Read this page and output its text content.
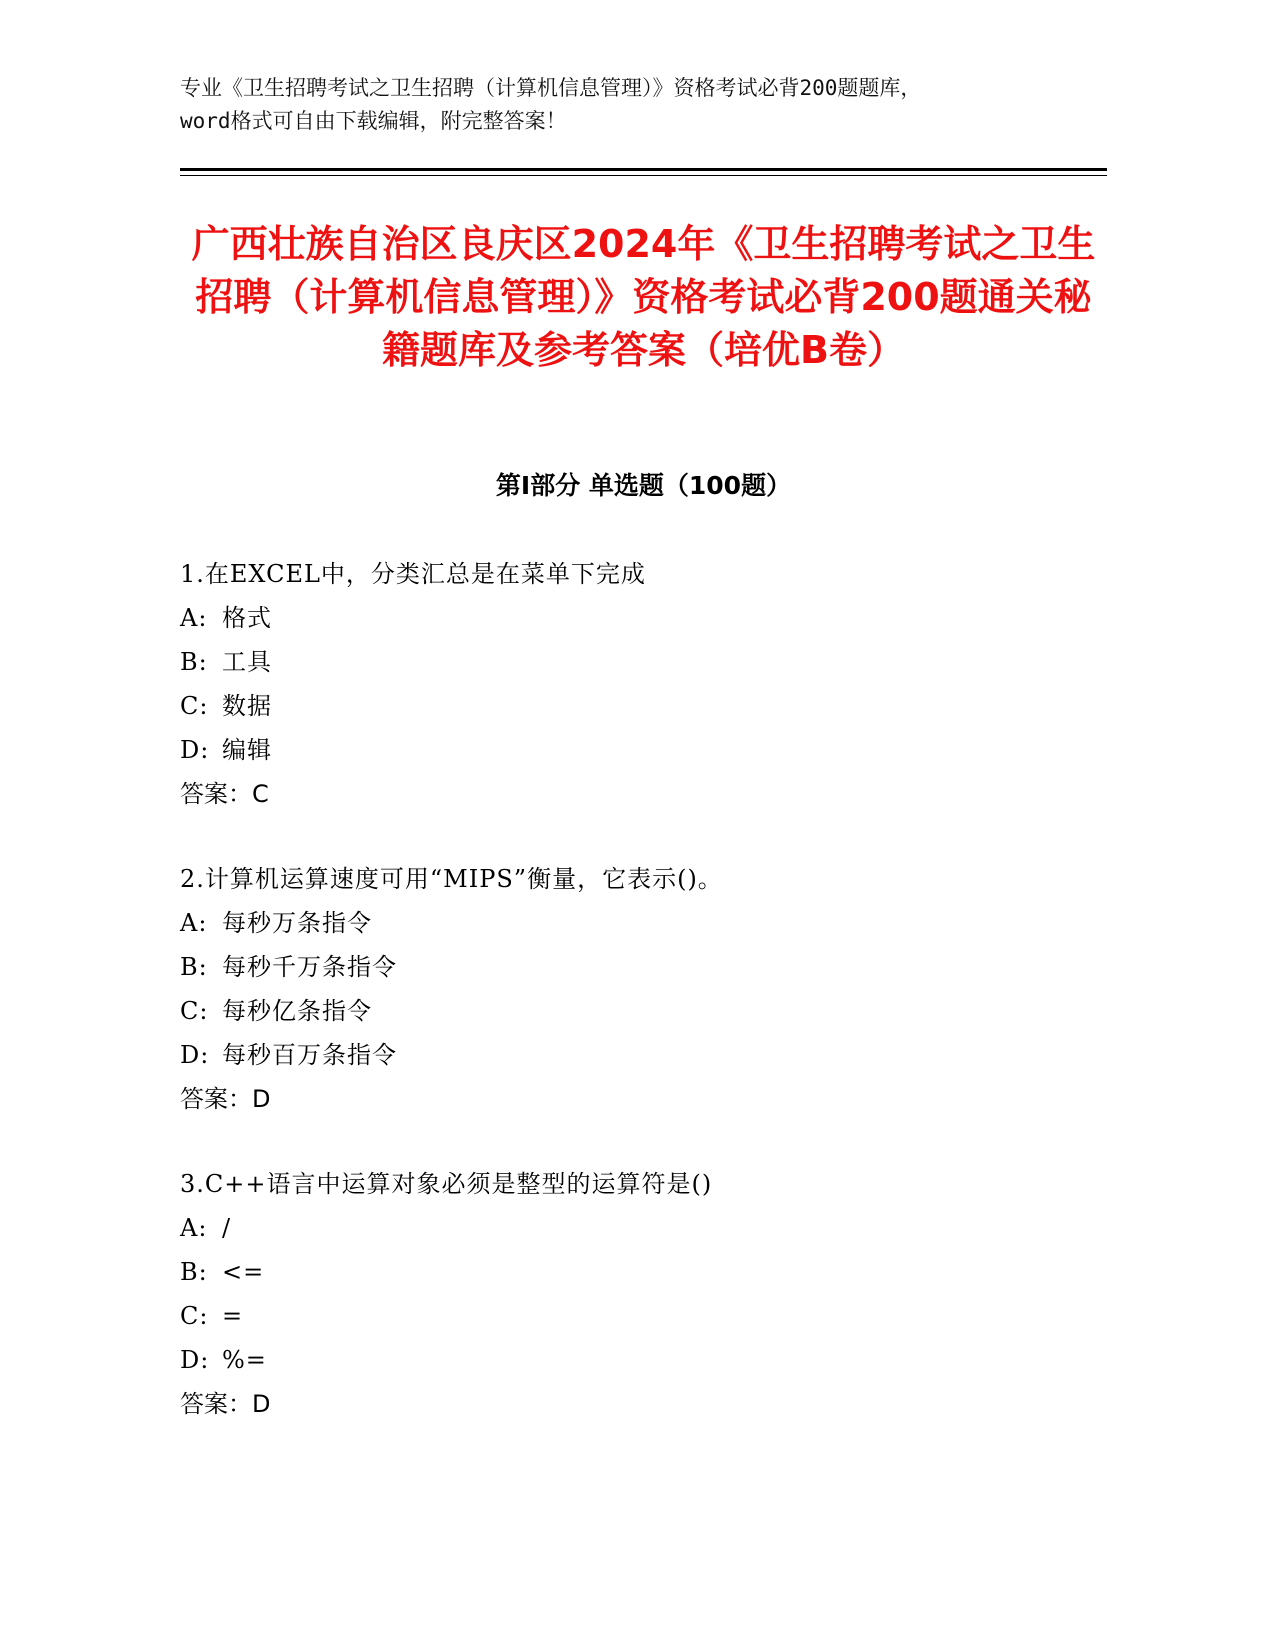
专业《卫生招聘考试之卫生招聘（计算机信息管理）》资格考试必背200题题库，
word格式可自由下载编辑，附完整答案！
广西壮族自治区良庆区2024年《卫生招聘考试之卫生招聘（计算机信息管理）》资格考试必背200题通关秘籍题库及参考答案（培优B卷）
第I部分 单选题（100题）
1.在EXCEL中，分类汇总是在菜单下完成
A: 格式
B: 工具
C: 数据
D: 编辑
答案：C
2.计算机运算速度可用“MIPS”衡量，它表示()。
A: 每秒万条指令
B: 每秒千万条指令
C: 每秒亿条指令
D: 每秒百万条指令
答案：D
3.C++语言中运算对象必须是整型的运算符是()
A: /
B: <=
C: =
D: %=
答案：D
